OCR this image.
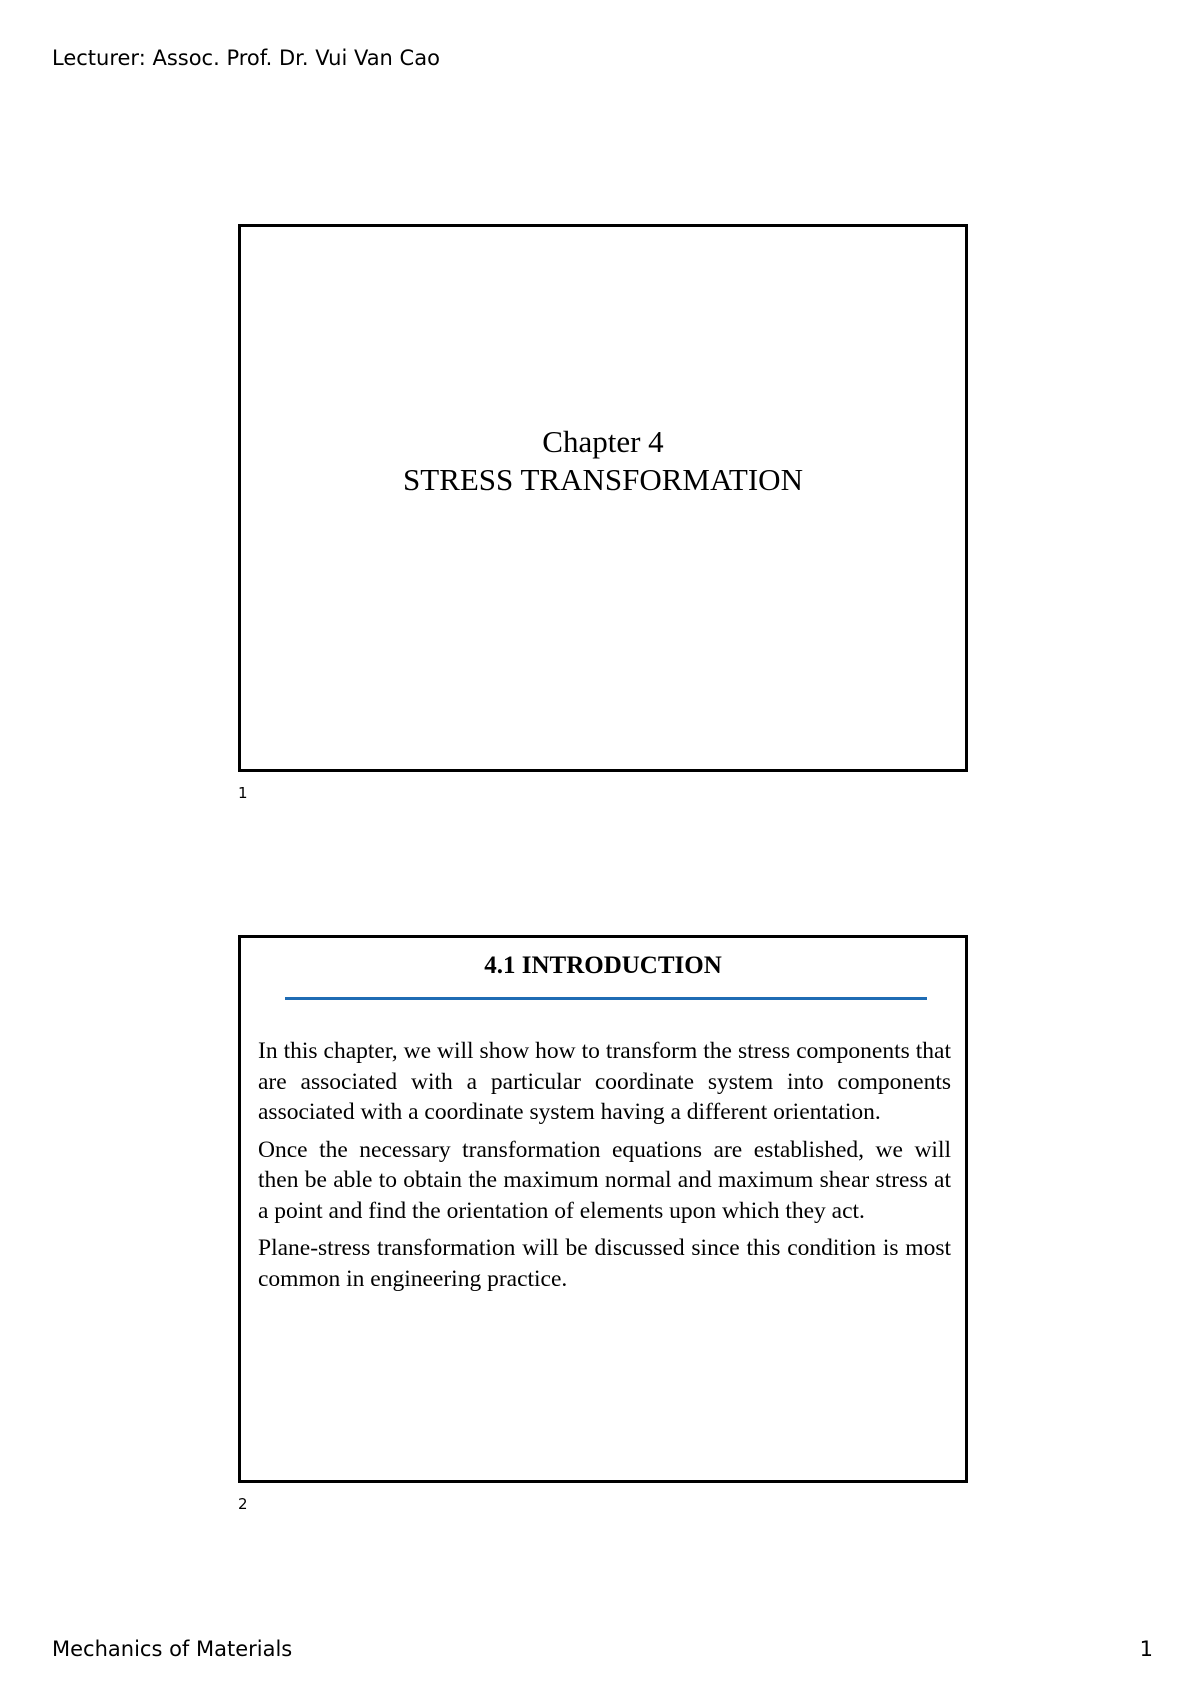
Lecturer: Assoc. Prof. Dr. Vui Van Cao
Chapter 4
STRESS TRANSFORMATION
1
4.1 INTRODUCTION

In this chapter, we will show how to transform the stress components that are associated with a particular coordinate system into components associated with a coordinate system having a different orientation.

Once the necessary transformation equations are established, we will then be able to obtain the maximum normal and maximum shear stress at a point and find the orientation of elements upon which they act.

Plane-stress transformation will be discussed since this condition is most common in engineering practice.

2
Mechanics of Materials	1
